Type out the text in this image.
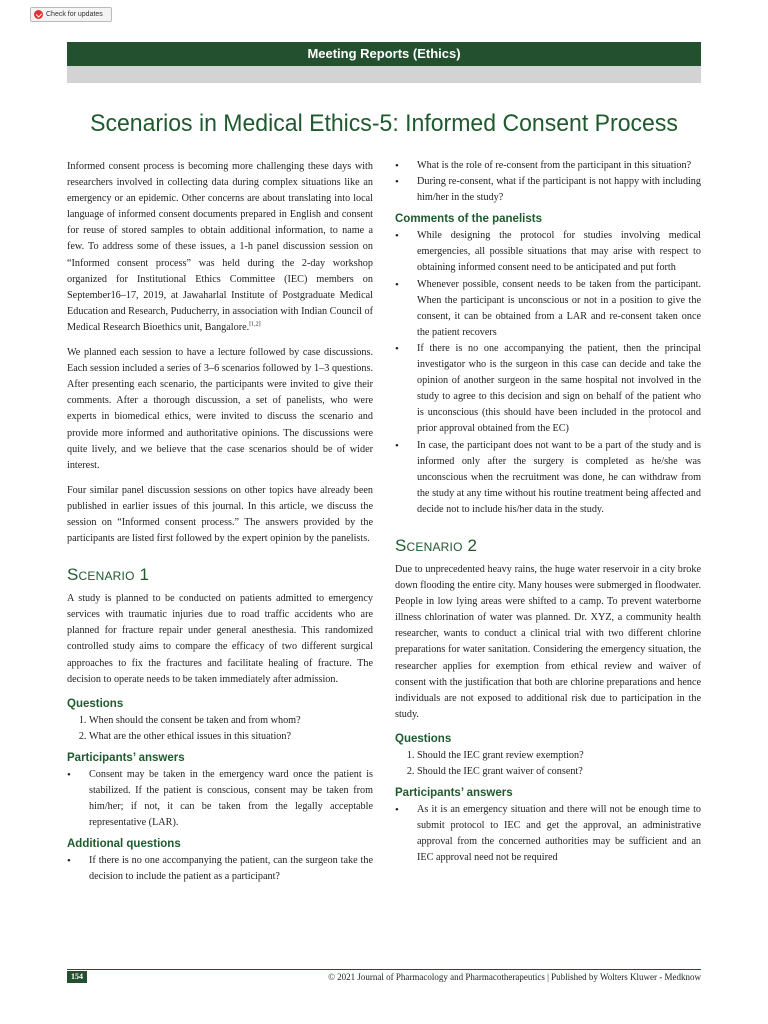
Check for updates
Meeting Reports (Ethics)
Scenarios in Medical Ethics-5: Informed Consent Process

Informed consent process is becoming more challenging these days with researchers involved in collecting data during complex situations like an emergency or an epidemic. Other concerns are about translating into local language of informed consent documents prepared in English and consent for reuse of stored samples to obtain additional information, to name a few. To address some of these issues, a 1-h panel discussion session on “Informed consent process” was held during the 2-day workshop organized for Institutional Ethics Committee (IEC) members on September16–17, 2019, at Jawaharlal Institute of Postgraduate Medical Education and Research, Puducherry, in association with Indian Council of Medical Research Bioethics unit, Bangalore.[1,2]

We planned each session to have a lecture followed by case discussions. Each session included a series of 3–6 scenarios followed by 1–3 questions. After presenting each scenario, the participants were invited to give their comments. After a thorough discussion, a set of panelists, who were experts in biomedical ethics, were invited to discuss the scenario and provide more informed and authoritative opinions. The discussions were quite lively, and we believe that the case scenarios should be of wider interest.

Four similar panel discussion sessions on other topics have already been published in earlier issues of this journal. In this article, we discuss the session on “Informed consent process.” The answers provided by the participants are listed first followed by the expert opinion by the panelists.

Scenario 1

A study is planned to be conducted on patients admitted to emergency services with traumatic injuries due to road traffic accidents who are planned for fracture repair under general anesthesia. This randomized controlled study aims to compare the efficacy of two different surgical approaches to fix the fractures and facilitate healing of fracture. The decision to operate needs to be taken immediately after admission.

Questions
1. When should the consent be taken and from whom?
2. What are the other ethical issues in this situation?
Participants’ answers
• Consent may be taken in the emergency ward once the patient is stabilized. If the patient is conscious, consent may be taken from him/her; if not, it can be taken from the legally acceptable representative (LAR).
Additional questions
• If there is no one accompanying the patient, can the surgeon take the decision to include the patient as a participant?
• What is the role of re-consent from the participant in this situation?
• During re-consent, what if the participant is not happy with including him/her in the study?
Comments of the panelists
• While designing the protocol for studies involving medical emergencies, all possible situations that may arise with respect to obtaining informed consent need to be anticipated and put forth
• Whenever possible, consent needs to be taken from the participant. When the participant is unconscious or not in a position to give the consent, it can be obtained from a LAR and re-consent taken once the patient recovers
• If there is no one accompanying the patient, then the principal investigator who is the surgeon in this case can decide and take the opinion of another surgeon in the same hospital not involved in the study to agree to this decision and sign on behalf of the patient who is unconscious (this should have been included in the protocol and prior approval obtained from the EC)
• In case, the participant does not want to be a part of the study and is informed only after the surgery is completed as he/she was unconscious when the recruitment was done, he can withdraw from the study at any time without his routine treatment being affected and decide not to include his/her data in the study.
Scenario 2

Due to unprecedented heavy rains, the huge water reservoir in a city broke down flooding the entire city. Many houses were submerged in floodwater. People in low lying areas were shifted to a camp. To prevent waterborne illness chlorination of water was planned. Dr. XYZ, a community health researcher, wants to conduct a clinical trial with two different chlorine preparations for water sanitation. Considering the emergency situation, the researcher applies for exemption from ethical review and waiver of consent with the justification that both are chlorine preparations and hence individuals are not exposed to additional risk due to participation in the study.

Questions
1. Should the IEC grant review exemption?
2. Should the IEC grant waiver of consent?
Participants’ answers
• As it is an emergency situation and there will not be enough time to submit protocol to IEC and get the approval, an administrative approval from the concerned authorities may be sufficient and an IEC approval need not be required
154	© 2021 Journal of Pharmacology and Pharmacotherapeutics | Published by Wolters Kluwer - Medknow
